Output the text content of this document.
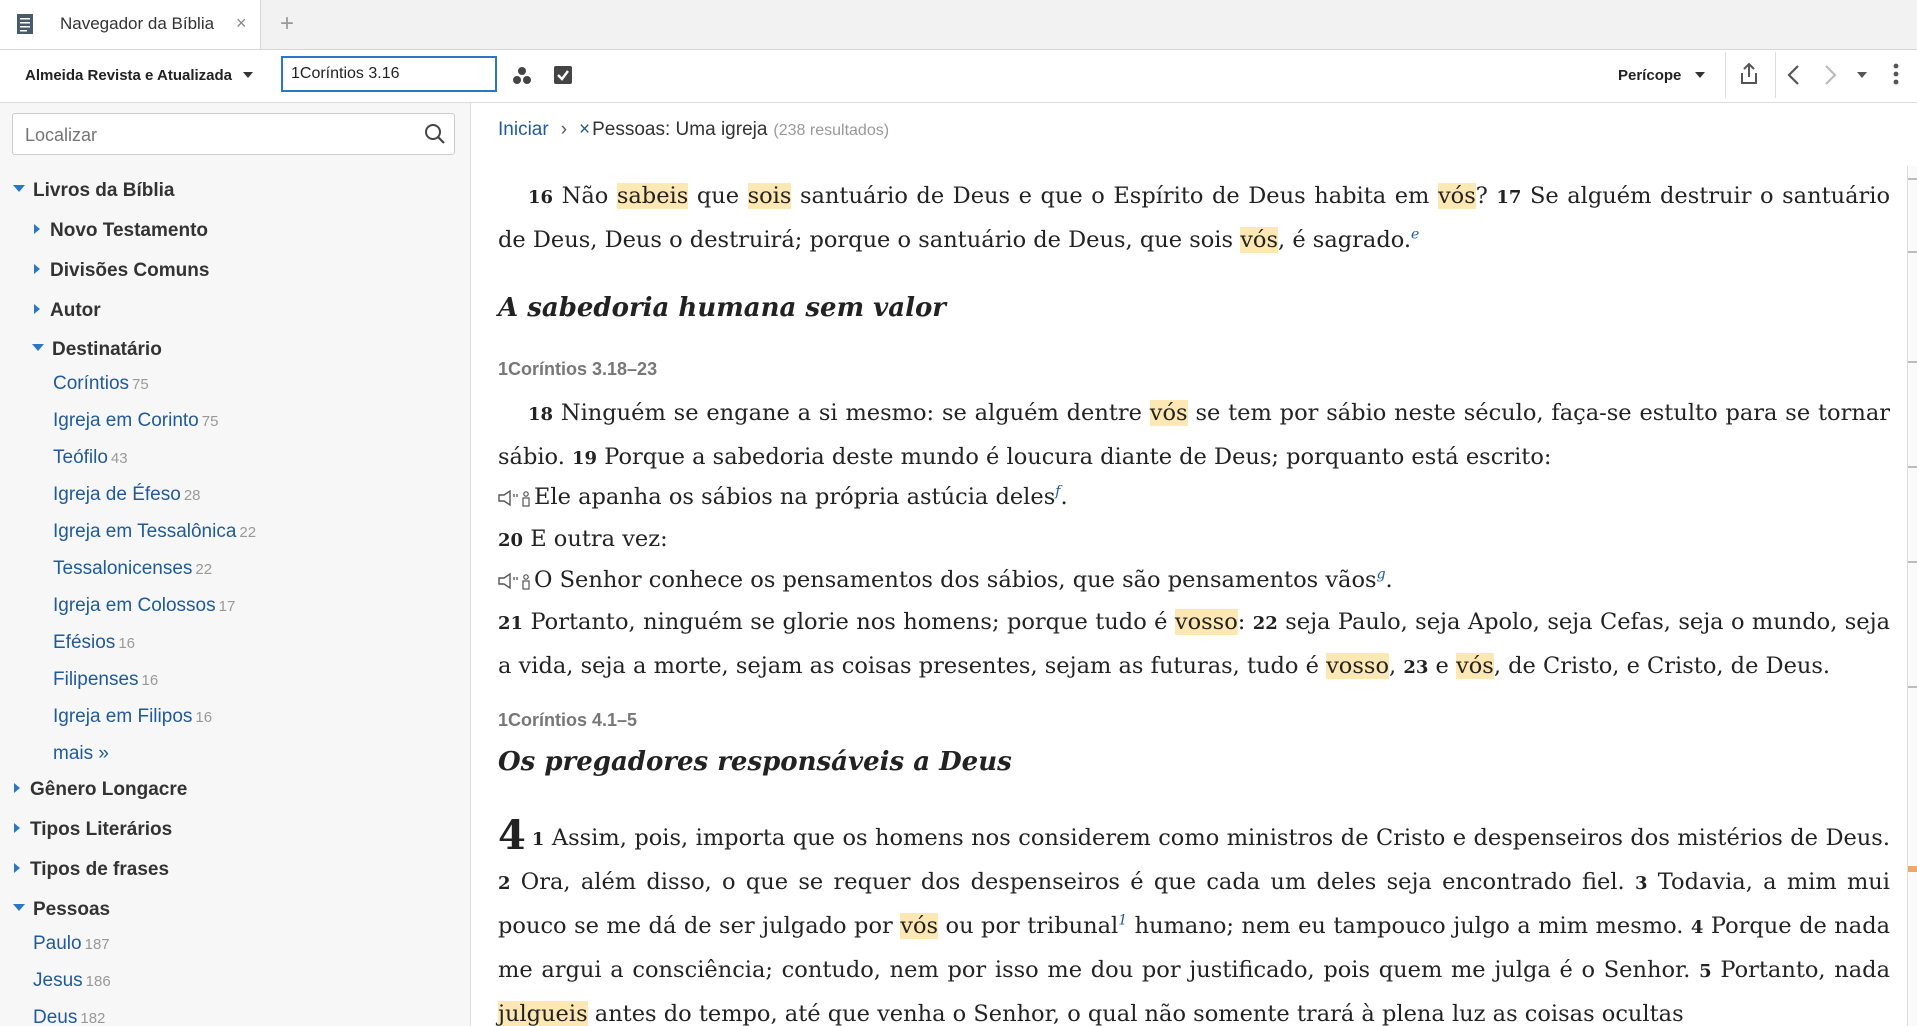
Navegador da Bíblia × +
Almeida Revista e Atualizada
1Coríntios 3.16	Perícope
Localizar
Livros da Bíblia
Novo Testamento
Divisões Comuns
Autor
Destinatário
Coríntios 75
Igreja em Corinto 75
Teófilo 43
Igreja de Éfeso 28
Igreja em Tessalônica 22
Tessalonicenses 22
Igreja em Colossos 17
Efésios 16
Filipenses 16
Igreja em Filipos 16
mais »
Gênero Longacre
Tipos Literários
Tipos de frases
Pessoas
Paulo 187
Jesus 186
Deus 182
Iniciar › × Pessoas: Uma igreja (238 resultados)
16 Não sabeis que sois santuário de Deus e que o Espírito de Deus habita em vós? 17 Se alguém destruir o santuário de Deus, Deus o destruirá; porque o santuário de Deus, que sois vós, é sagrado.$^e$
A sabedoria humana sem valor
1Coríntios 3.18–23
18 Ninguém se engane a si mesmo: se alguém dentre vós se tem por sábio neste século, faça-se estulto para se tornar sábio. 19 Porque a sabedoria deste mundo é loucura diante de Deus; porquanto está escrito:
Ele apanha os sábios na própria astúcia deles$^f$.
20 E outra vez:
O Senhor conhece os pensamentos dos sábios, que são pensamentos vãos$^g$.
21 Portanto, ninguém se glorie nos homens; porque tudo é vosso: 22 seja Paulo, seja Apolo, seja Cefas, seja o mundo, seja a vida, seja a morte, sejam as coisas presentes, sejam as futuras, tudo é vosso, 23 e vós, de Cristo, e Cristo, de Deus.
1Coríntios 4.1–5
Os pregadores responsáveis a Deus
4 1 Assim, pois, importa que os homens nos considerem como ministros de Cristo e despenseiros dos mistérios de Deus. 2 Ora, além disso, o que se requer dos despenseiros é que cada um deles seja encontrado fiel. 3 Todavia, a mim mui pouco se me dá de ser julgado por vós ou por tribunal$^1$ humano; nem eu tampouco julgo a mim mesmo. 4 Porque de nada me argui a consciência; contudo, nem por isso me dou por justificado, pois quem me julga é o Senhor. 5 Portanto, nada julgueis antes do tempo, até que venha o Senhor, o qual não somente trará à plena luz as coisas ocultas
